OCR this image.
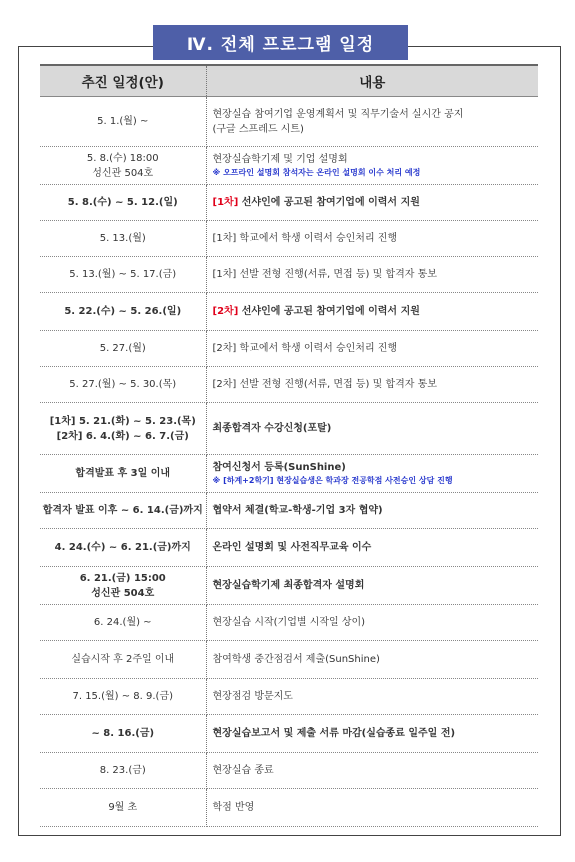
Ⅳ. 전체 프로그램 일정
추진 일정(안)	내용

5. 1.(월) ~	현장실습 참여기업 운영계획서 및 직무기술서 실시간 공지
(구글 스프레드 시트)

5. 8.(수) 18:00
성신관 504호	현장실습학기제 및 기업 설명회
※ 오프라인 설명회 참석자는 온라인 설명회 이수 처리 예정

5. 8.(수) ~ 5. 12.(일)	[1차] 선샤인에 공고된 참여기업에 이력서 지원

5. 13.(월)	[1차] 학교에서 학생 이력서 승인처리 진행

5. 13.(월) ~ 5. 17.(금)	[1차] 선발 전형 진행(서류, 면접 등) 및 합격자 통보

5. 22.(수) ~ 5. 26.(일)	[2차] 선샤인에 공고된 참여기업에 이력서 지원

5. 27.(월)	[2차] 학교에서 학생 이력서 승인처리 진행

5. 27.(월) ~ 5. 30.(목)	[2차] 선발 전형 진행(서류, 면접 등) 및 합격자 통보

[1차] 5. 21.(화) ~ 5. 23.(목)
[2차] 6. 4.(화) ~ 6. 7.(금)	최종합격자 수강신청(포탈)

합격발표 후 3일 이내	참여신청서 등록(SunShine)
※ [하계+2학기] 현장실습생은 학과장 전공학점 사전승인 상담 진행

합격자 발표 이후 ~ 6. 14.(금)까지	협약서 체결(학교-학생-기업 3자 협약)

4. 24.(수) ~ 6. 21.(금)까지	온라인 설명회 및 사전직무교육 이수

6. 21.(금) 15:00
성신관 504호	현장실습학기제 최종합격자 설명회

6. 24.(월) ~	현장실습 시작(기업별 시작일 상이)

실습시작 후 2주일 이내	참여학생 중간점검서 제출(SunShine)

7. 15.(월) ~ 8. 9.(금)	현장점검 방문지도

~ 8. 16.(금)	현장실습보고서 및 제출 서류 마감(실습종료 일주일 전)

8. 23.(금)	현장실습 종료

9월 초	학점 반영
